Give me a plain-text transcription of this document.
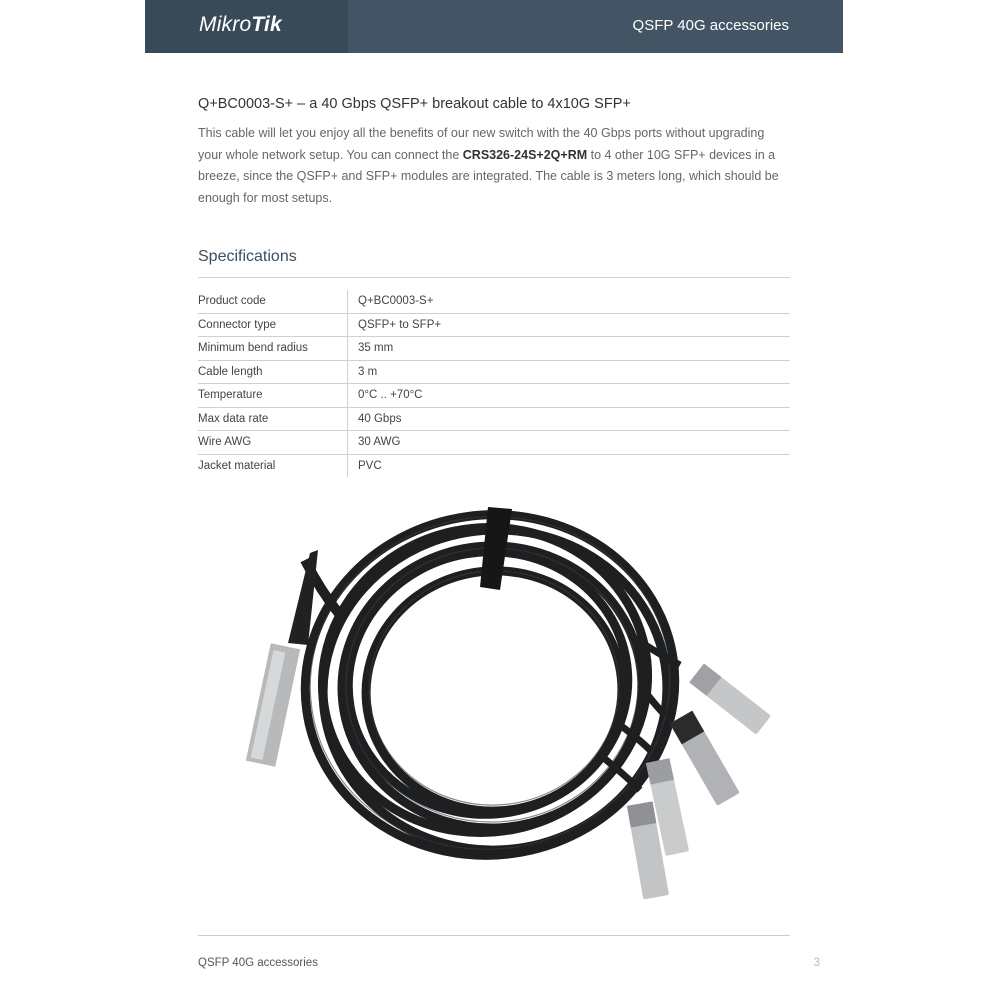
MikroTik	QSFP 40G accessories
Q+BC0003-S+ – a 40 Gbps QSFP+ breakout cable to 4x10G SFP+
This cable will let you enjoy all the benefits of our new switch with the 40 Gbps ports without upgrading your whole network setup. You can connect the CRS326-24S+2Q+RM to 4 other 10G SFP+ devices in a breeze, since the QSFP+ and SFP+ modules are integrated. The cable is 3 meters long, which should be enough for most setups.
Specifications
Product code	Q+BC0003-S+
Connector type	QSFP+ to SFP+
Minimum bend radius	35 mm
Cable length	3 m
Temperature	0°C .. +70°C
Max data rate	40 Gbps
Wire AWG	30 AWG
Jacket material	PVC
QSFP 40G accessories	3
